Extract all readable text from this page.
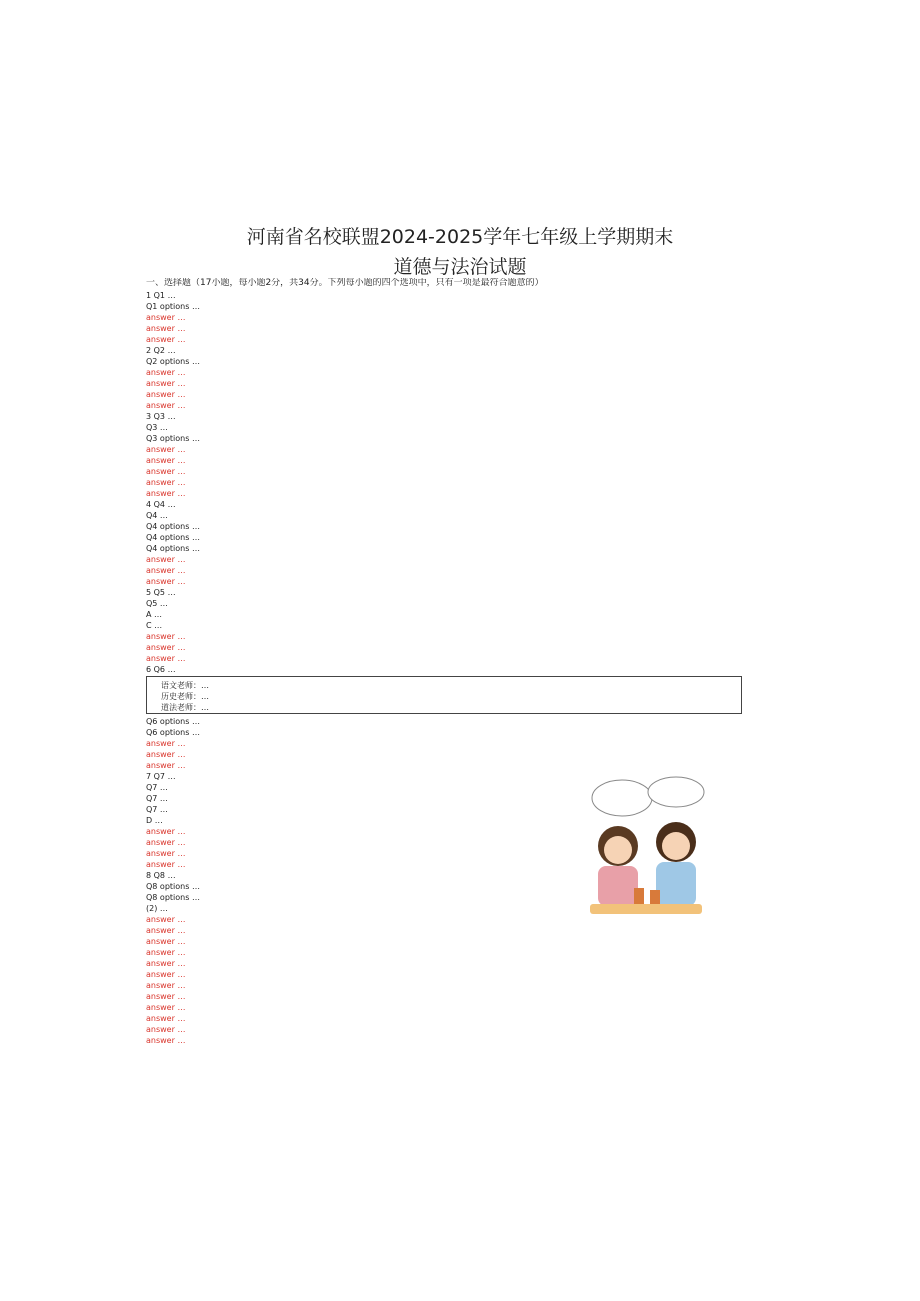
河南省名校联盟2024-2025学年七年级上学期期末
道德与法治试题
一、选择题（17小题，每小题2分，共34分。下列每小题的四个选项中，只有一项是最符合题意的）
1 Q1 …
Q1 options …
answer …
answer …
answer …
2 Q2 …
Q2 options …
answer …
answer …
answer …
answer …
3 Q3 …
Q3 …
Q3 options …
answer …
answer …
answer …
answer …
answer …
4 Q4 …
Q4 …
Q4 options …
Q4 options …
Q4 options …
answer …
answer …
answer …
5 Q5 …
Q5 …
A …
C …
answer …
answer …
answer …
6 Q6 …
语文老师：…
历史老师：…
道法老师：…
Q6 options …
Q6 options …
answer …
answer …
answer …
7 Q7 …
Q7 …
Q7 …
Q7 …
D …
answer …
answer …
answer …
answer …
8 Q8 …
Q8 options …
Q8 options …
(2) …
answer …
answer …
answer …
answer …
answer …
answer …
answer …
answer …
answer …
answer …
answer …
answer …
